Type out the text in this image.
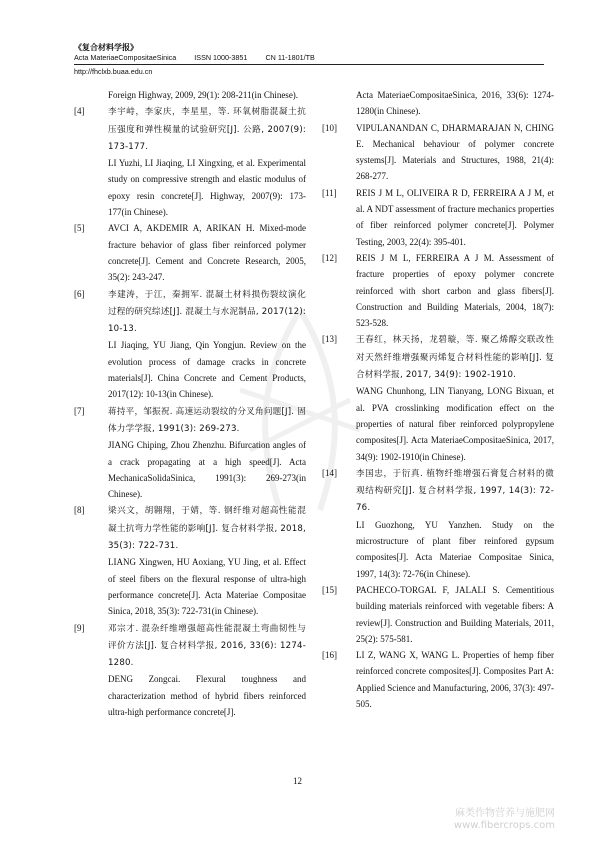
《复合材料学报》
Acta MateriaeCompositaeSinica	ISSN 1000-3851	CN 11-1801/TB
http://fhclxb.buaa.edu.cn
Foreign Highway, 2009, 29(1): 208-211(in Chinese).
[4]	李宇峙，李家庆，李星星，等. 环氧树脂混凝土抗压强度和弹性模量的试验研究[J]. 公路, 2007(9): 173-177.
LI Yuzhi, LI Jiaqing, LI Xingxing, et al. Experimental study on compressive strength and elastic modulus of epoxy resin concrete[J]. Highway, 2007(9): 173-177(in Chinese).
[5]	AVCI A, AKDEMIR A, ARIKAN H. Mixed-mode fracture behavior of glass fiber reinforced polymer concrete[J]. Cement and Concrete Research, 2005, 35(2): 243-247.
[6]	李建涛，于江，秦拥军. 混凝土材料损伤裂纹演化过程的研究综述[J]. 混凝土与水泥制品, 2017(12): 10-13.
LI Jiaqing, YU Jiang, Qin Yongjun. Review on the evolution process of damage cracks in concrete materials[J]. China Concrete and Cement Products, 2017(12): 10-13(in Chinese).
[7]	蒋持平，邹振祝. 高速运动裂纹的分叉角问题[J]. 固体力学学报, 1991(3): 269-273.
JIANG Chiping, Zhou Zhenzhu. Bifurcation angles of a crack propagating at a high speed[J]. Acta MechanicaSolidaSinica, 1991(3): 269-273(in Chinese).
[8]	梁兴文，胡翱翔，于婧，等. 钢纤维对超高性能混凝土抗弯力学性能的影响[J]. 复合材料学报, 2018, 35(3): 722-731.
LIANG Xingwen, HU Aoxiang, YU Jing, et al. Effect of steel fibers on the flexural response of ultra-high performance concrete[J]. Acta Materiae Compositae Sinica, 2018, 35(3): 722-731(in Chinese).
[9]	邓宗才. 混杂纤维增强超高性能混凝土弯曲韧性与评价方法[J]. 复合材料学报, 2016, 33(6): 1274-1280.
DENG Zongcai. Flexural toughness and characterization method of hybrid fibers reinforced ultra-high performance concrete[J].
Acta MateriaeCompositaeSinica, 2016, 33(6): 1274-1280(in Chinese).
[10] VIPULANANDAN C, DHARMARAJAN N, CHING E. Mechanical behaviour of polymer concrete systems[J]. Materials and Structures, 1988, 21(4): 268-277.
[11] REIS J M L, OLIVEIRA R D, FERREIRA A J M, et al. A NDT assessment of fracture mechanics properties of fiber reinforced polymer concrete[J]. Polymer Testing, 2003, 22(4): 395-401.
[12] REIS J M L, FERREIRA A J M. Assessment of fracture properties of epoxy polymer concrete reinforced with short carbon and glass fibers[J]. Construction and Building Materials, 2004, 18(7): 523-528.
[13] 王春红，林天扬，龙碧璇，等. 聚乙烯醇交联改性对天然纤维增强聚丙烯复合材料性能的影响[J]. 复合材料学报, 2017, 34(9): 1902-1910.
WANG Chunhong, LIN Tianyang, LONG Bixuan, et al. PVA crosslinking modification effect on the properties of natural fiber reinforced polypropylene composites[J]. Acta MateriaeCompositaeSinica, 2017, 34(9): 1902-1910(in Chinese).
[14] 李国忠，于衍真. 植物纤维增强石膏复合材料的微观结构研究[J]. 复合材料学报, 1997, 14(3): 72-76.
LI Guozhong, YU Yanzhen. Study on the microstructure of plant fiber reinfored gypsum composites[J]. Acta Materiae Compositae Sinica, 1997, 14(3): 72-76(in Chinese).
[15] PACHECO-TORGAL F, JALALI S. Cementitious building materials reinforced with vegetable fibers: A review[J]. Construction and Building Materials, 2011, 25(2): 575-581.
[16] LI Z, WANG X, WANG L. Properties of hemp fiber reinforced concrete composites[J]. Composites Part A: Applied Science and Manufacturing, 2006, 37(3): 497-505.
12
麻类作物营养与施肥网
www.fibercrops.com
